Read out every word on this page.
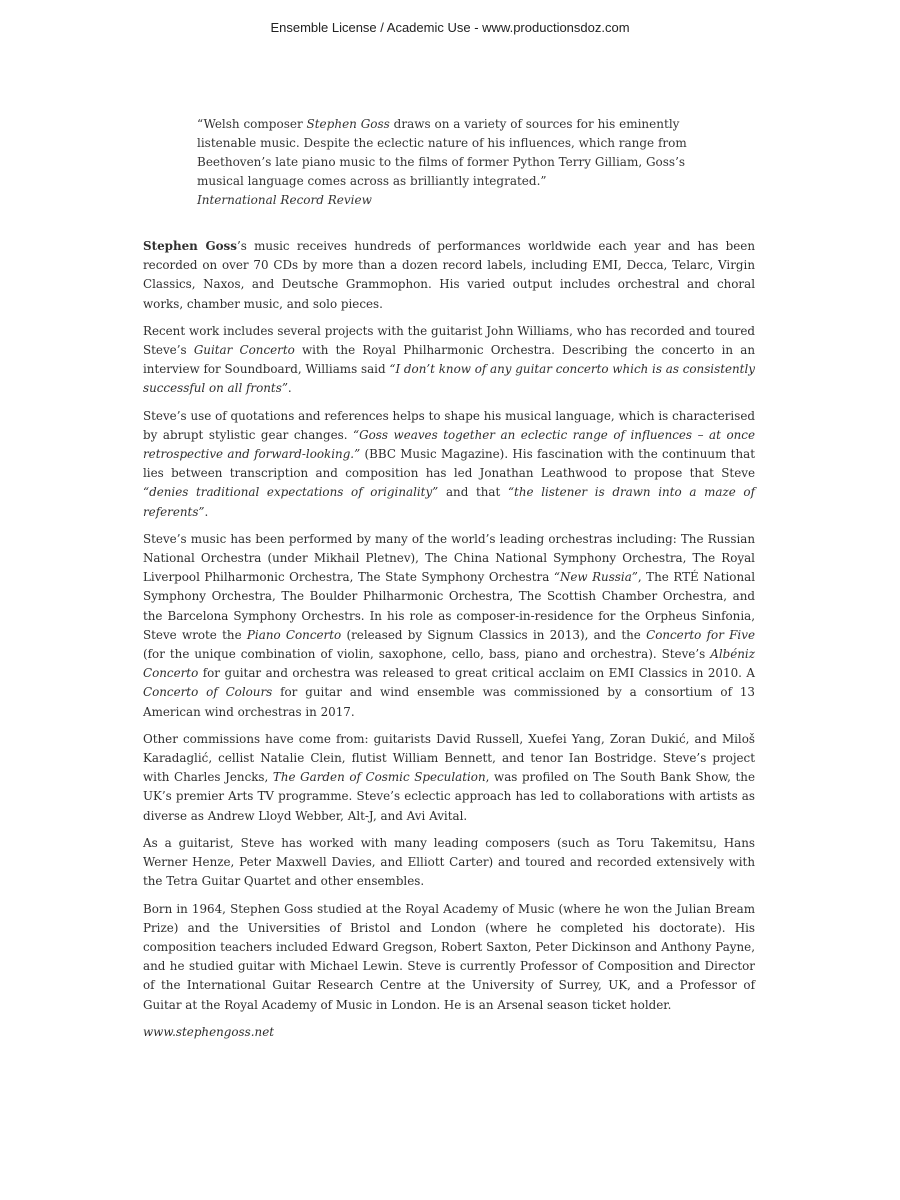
Ensemble License / Academic Use - www.productionsdoz.com
“Welsh composer Stephen Goss draws on a variety of sources for his eminently listenable music. Despite the eclectic nature of his influences, which range from Beethoven’s late piano music to the films of former Python Terry Gilliam, Goss’s musical language comes across as brilliantly integrated.”
International Record Review

Stephen Goss’s music receives hundreds of performances worldwide each year and has been recorded on over 70 CDs by more than a dozen record labels, including EMI, Decca, Telarc, Virgin Classics, Naxos, and Deutsche Grammophon. His varied output includes orchestral and choral works, chamber music, and solo pieces.

Recent work includes several projects with the guitarist John Williams, who has recorded and toured Steve’s Guitar Concerto with the Royal Philharmonic Orchestra. Describing the concerto in an interview for Soundboard, Williams said “I don’t know of any guitar concerto which is as consistently successful on all fronts”.

Steve’s use of quotations and references helps to shape his musical language, which is characterised by abrupt stylistic gear changes. “Goss weaves together an eclectic range of influences – at once retrospective and forward-looking.” (BBC Music Magazine). His fascination with the continuum that lies between transcription and composition has led Jonathan Leathwood to propose that Steve “denies traditional expectations of originality” and that “the listener is drawn into a maze of referents”.

Steve’s music has been performed by many of the world’s leading orchestras including: The Russian National Orchestra (under Mikhail Pletnev), The China National Symphony Orchestra, The Royal Liverpool Philharmonic Orchestra, The State Symphony Orchestra “New Russia”, The RTÉ National Symphony Orchestra, The Boulder Philharmonic Orchestra, The Scottish Chamber Orchestra, and the Barcelona Symphony Orchestrs. In his role as composer-in-residence for the Orpheus Sinfonia, Steve wrote the Piano Concerto (released by Signum Classics in 2013), and the Concerto for Five (for the unique combination of violin, saxophone, cello, bass, piano and orchestra). Steve’s Albéniz Concerto for guitar and orchestra was released to great critical acclaim on EMI Classics in 2010. A Concerto of Colours for guitar and wind ensemble was commissioned by a consortium of 13 American wind orchestras in 2017.

Other commissions have come from: guitarists David Russell, Xuefei Yang, Zoran Dukić, and Miloš Karadaglić, cellist Natalie Clein, flutist William Bennett, and tenor Ian Bostridge. Steve’s project with Charles Jencks, The Garden of Cosmic Speculation, was profiled on The South Bank Show, the UK’s premier Arts TV programme. Steve’s eclectic approach has led to collaborations with artists as diverse as Andrew Lloyd Webber, Alt-J, and Avi Avital.

As a guitarist, Steve has worked with many leading composers (such as Toru Takemitsu, Hans Werner Henze, Peter Maxwell Davies, and Elliott Carter) and toured and recorded extensively with the Tetra Guitar Quartet and other ensembles.

Born in 1964, Stephen Goss studied at the Royal Academy of Music (where he won the Julian Bream Prize) and the Universities of Bristol and London (where he completed his doctorate). His composition teachers included Edward Gregson, Robert Saxton, Peter Dickinson and Anthony Payne, and he studied guitar with Michael Lewin. Steve is currently Professor of Composition and Director of the International Guitar Research Centre at the University of Surrey, UK, and a Professor of Guitar at the Royal Academy of Music in London. He is an Arsenal season ticket holder.

www.stephengoss.net
